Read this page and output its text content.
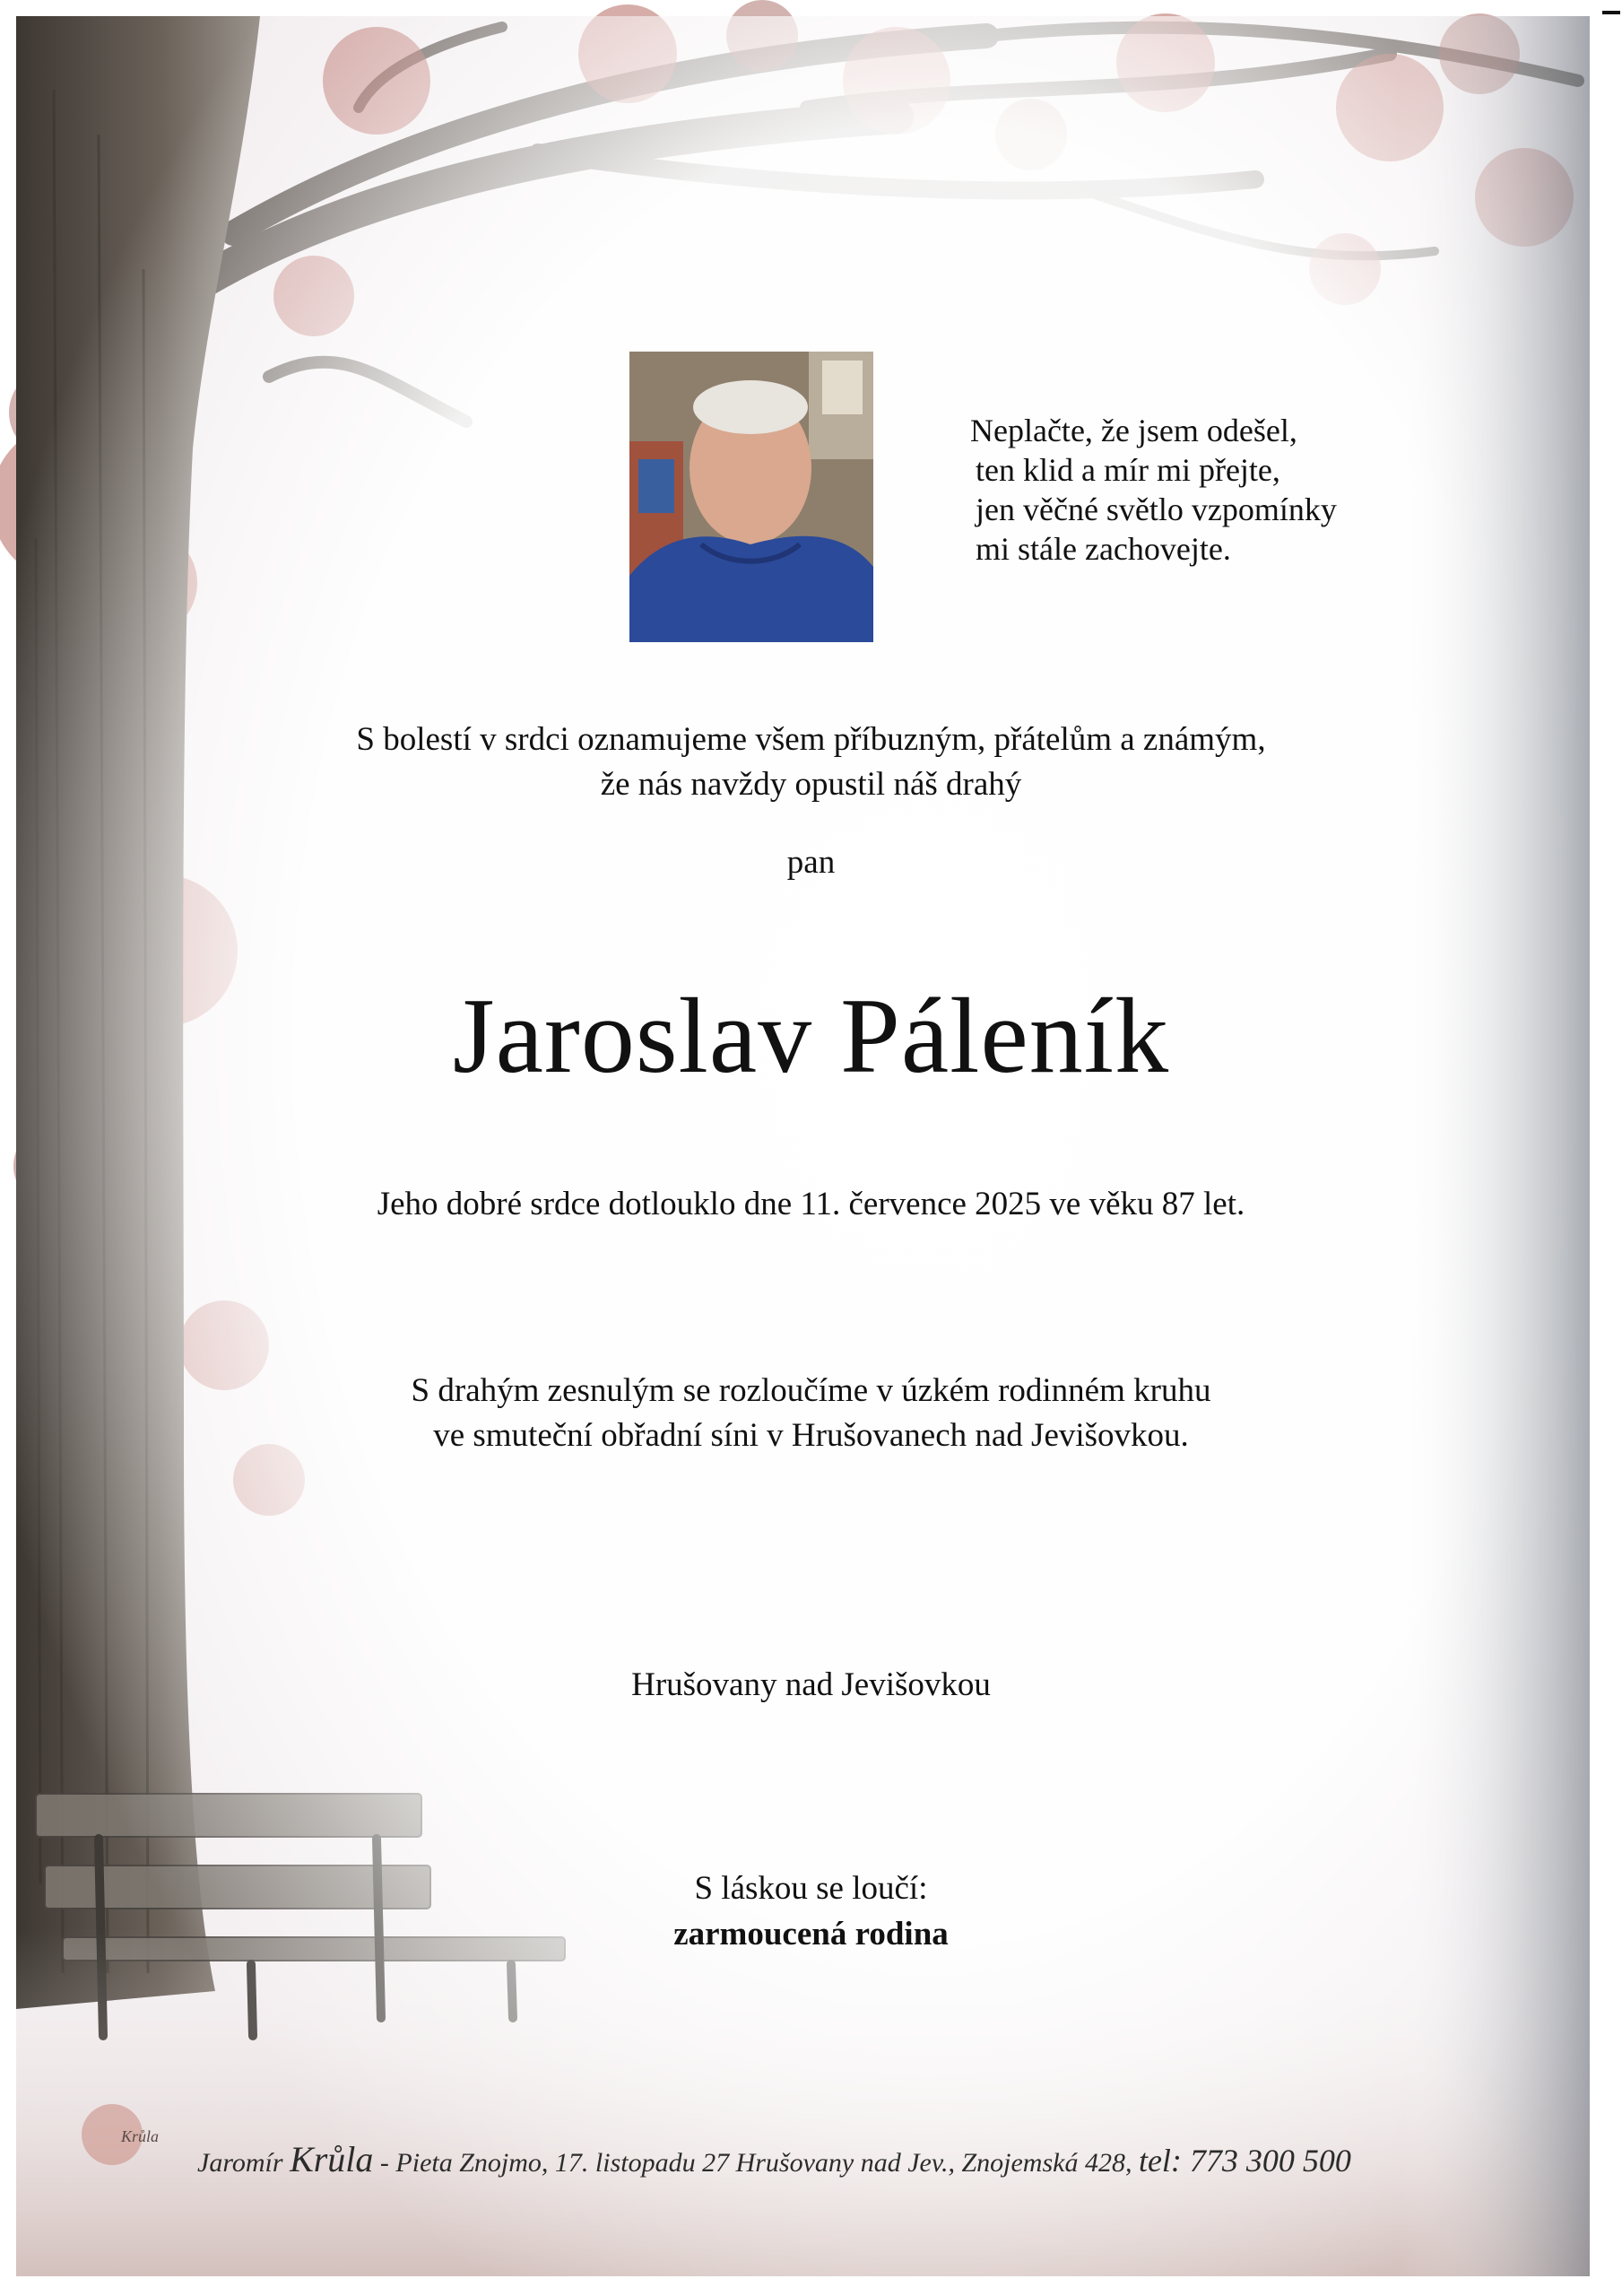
Neplačte, že jsem odešel,
ten klid a mír mi přejte,
jen věčné světlo vzpomínky
mi stále zachovejte.
S bolestí v srdci oznamujeme všem příbuzným, přátelům a známým,
že nás navždy opustil náš drahý
pan
Jaroslav Páleník
Jeho dobré srdce dotlouklo dne 11. července 2025 ve věku 87 let.
S drahým zesnulým se rozloučíme v úzkém rodinném kruhu
ve smuteční obřadní síni v Hrušovanech nad Jevišovkou.
Hrušovany nad Jevišovkou
S láskou se loučí:
zarmoucená rodina
Krůla
Jaromír Krůla - Pieta Znojmo, 17. listopadu 27 Hrušovany nad Jev., Znojemská 428, tel: 773 300 500
